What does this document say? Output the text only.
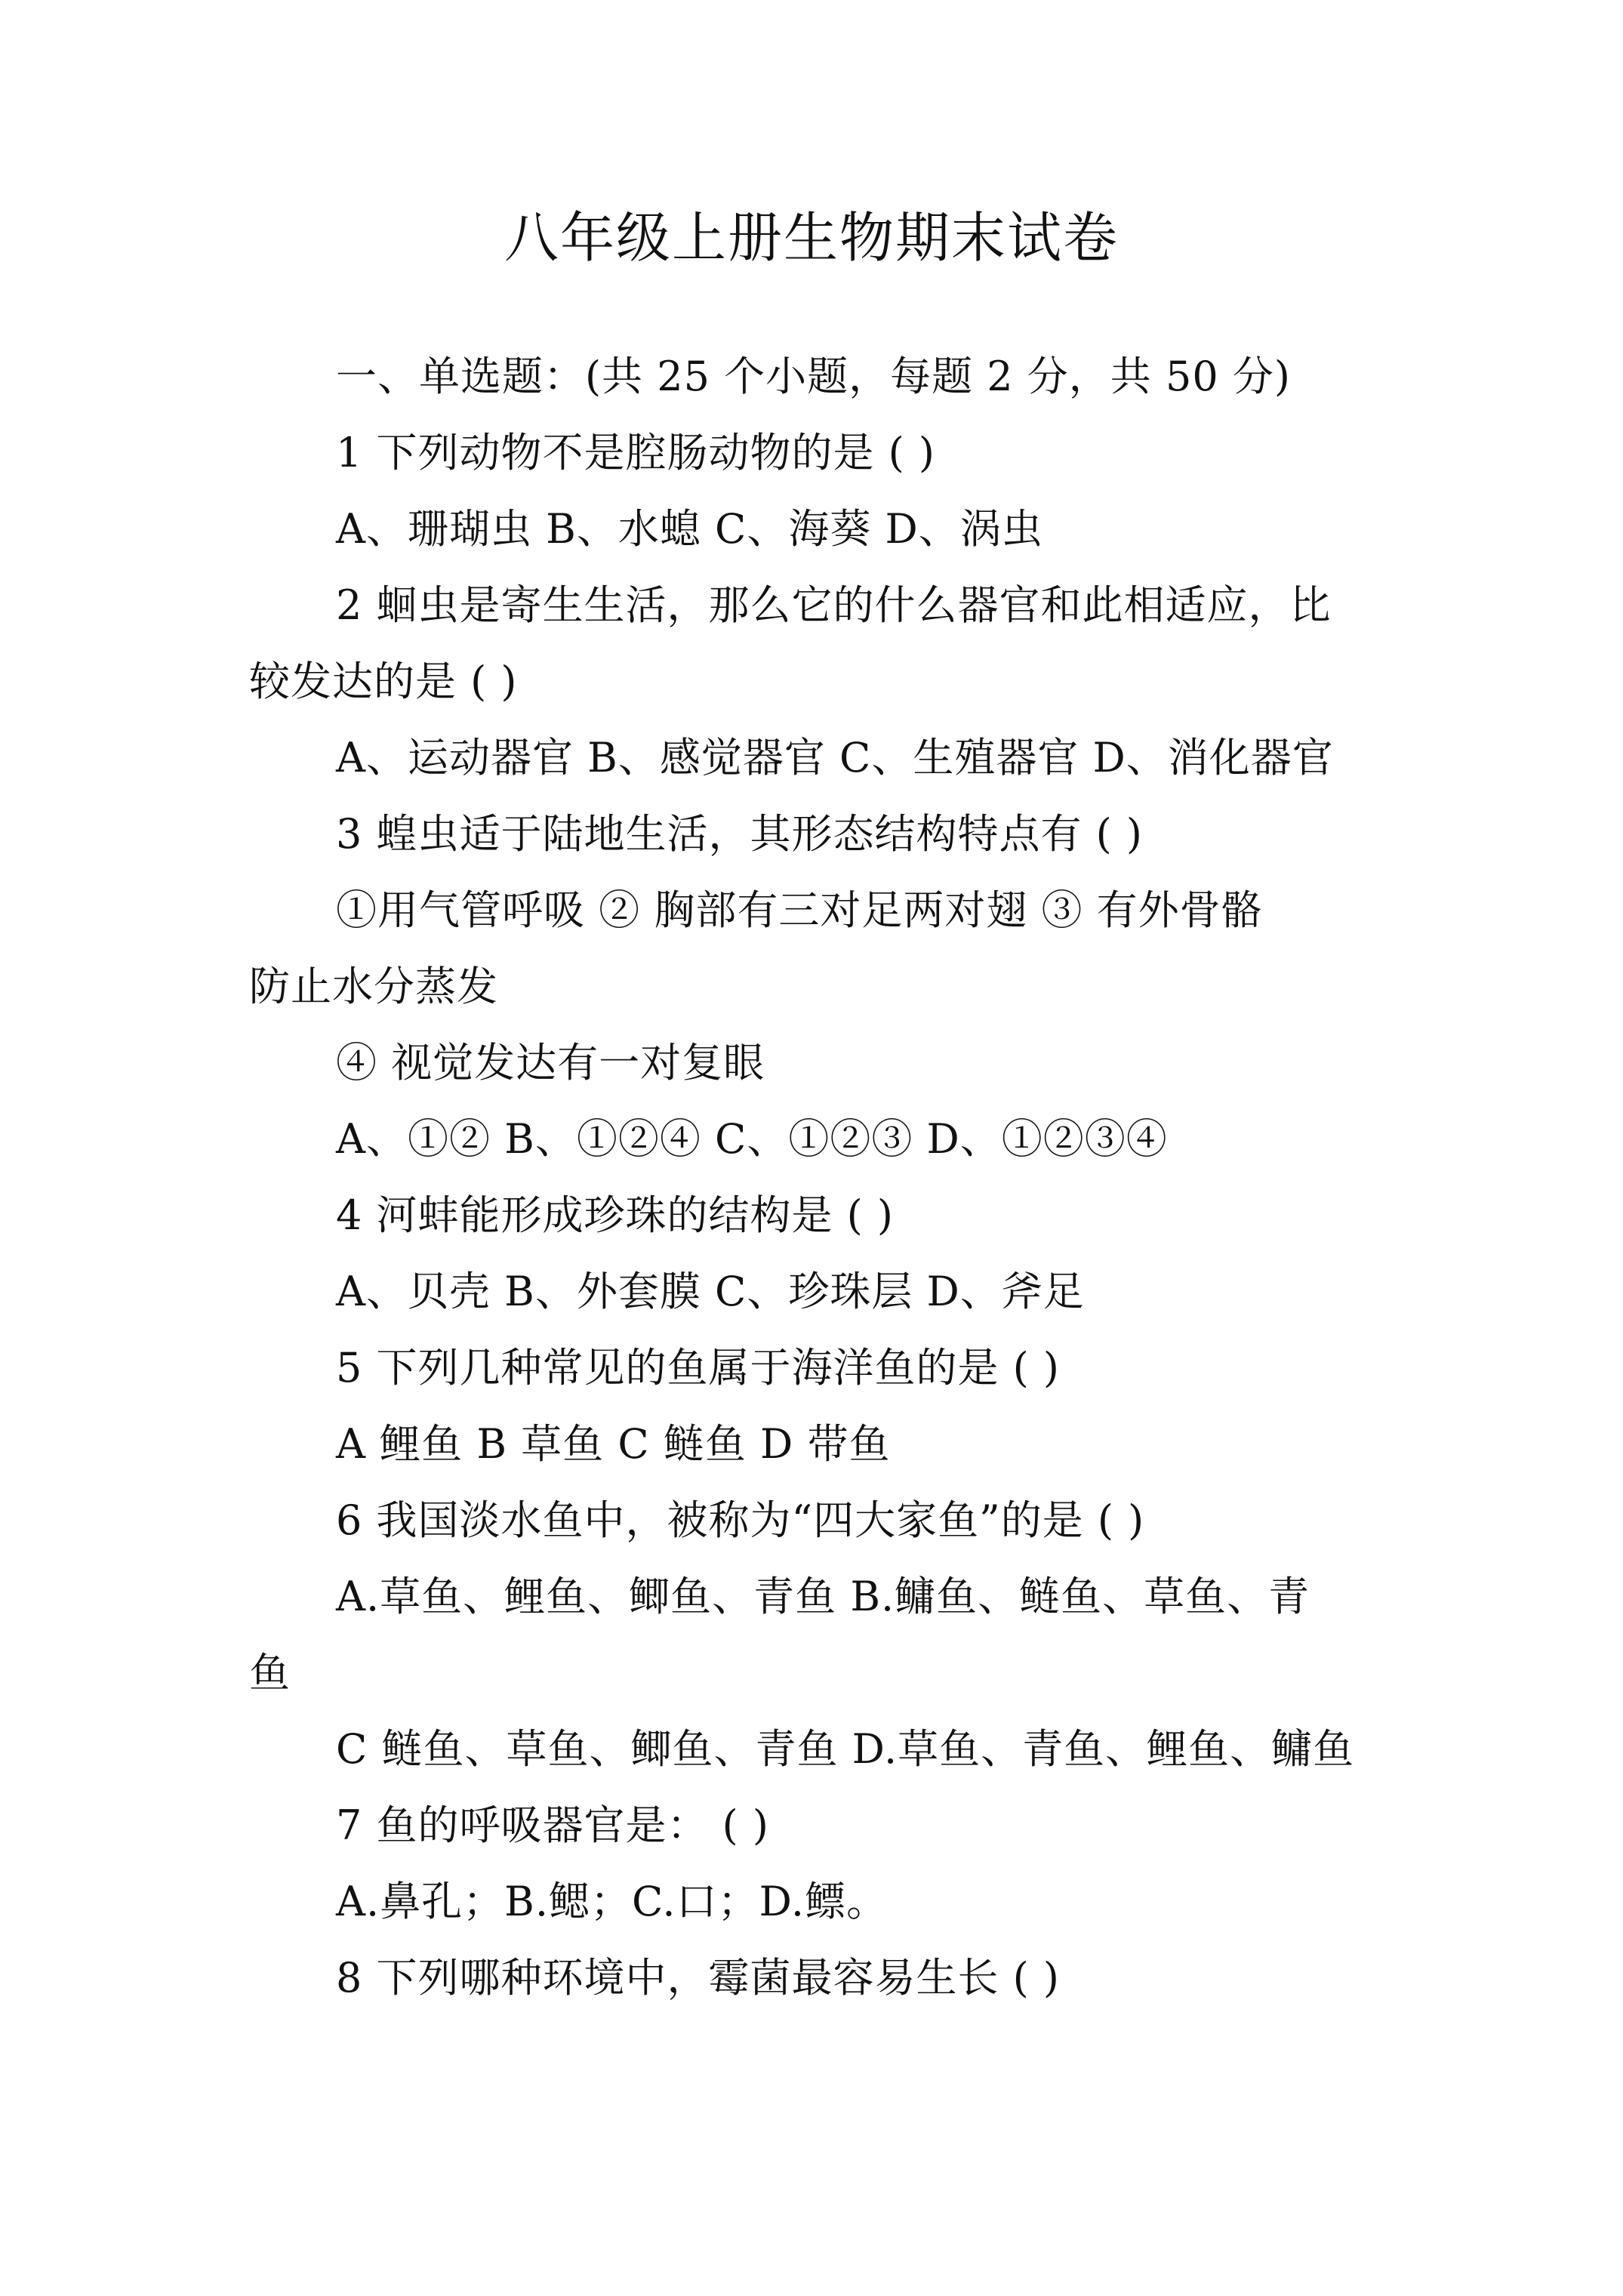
八年级上册生物期末试卷

一、单选题：(共 25 个小题，每题 2 分，共 50 分)

1 下列动物不是腔肠动物的是 ( )

A、珊瑚虫 B、水螅 C、海葵 D、涡虫

2 蛔虫是寄生生活，那么它的什么器官和此相适应，比

较发达的是 ( )

A、运动器官 B、感觉器官 C、生殖器官 D、消化器官

3 蝗虫适于陆地生活，其形态结构特点有 ( )

①用气管呼吸 ② 胸部有三对足两对翅 ③ 有外骨骼

防止水分蒸发

④ 视觉发达有一对复眼

A、①② B、①②④ C、①②③ D、①②③④

4 河蚌能形成珍珠的结构是 ( )

A、贝壳 B、外套膜 C、珍珠层 D、斧足

5 下列几种常见的鱼属于海洋鱼的是 ( )

A 鲤鱼 B 草鱼 C 鲢鱼 D 带鱼

6 我国淡水鱼中，被称为“四大家鱼”的是 ( )

A.草鱼、鲤鱼、鲫鱼、青鱼 B.鳙鱼、鲢鱼、草鱼、青

鱼

C 鲢鱼、草鱼、鲫鱼、青鱼 D.草鱼、青鱼、鲤鱼、鳙鱼

7 鱼的呼吸器官是： ( )

A.鼻孔；B.鳃；C.口；D.鳔。

8 下列哪种环境中，霉菌最容易生长 ( )
